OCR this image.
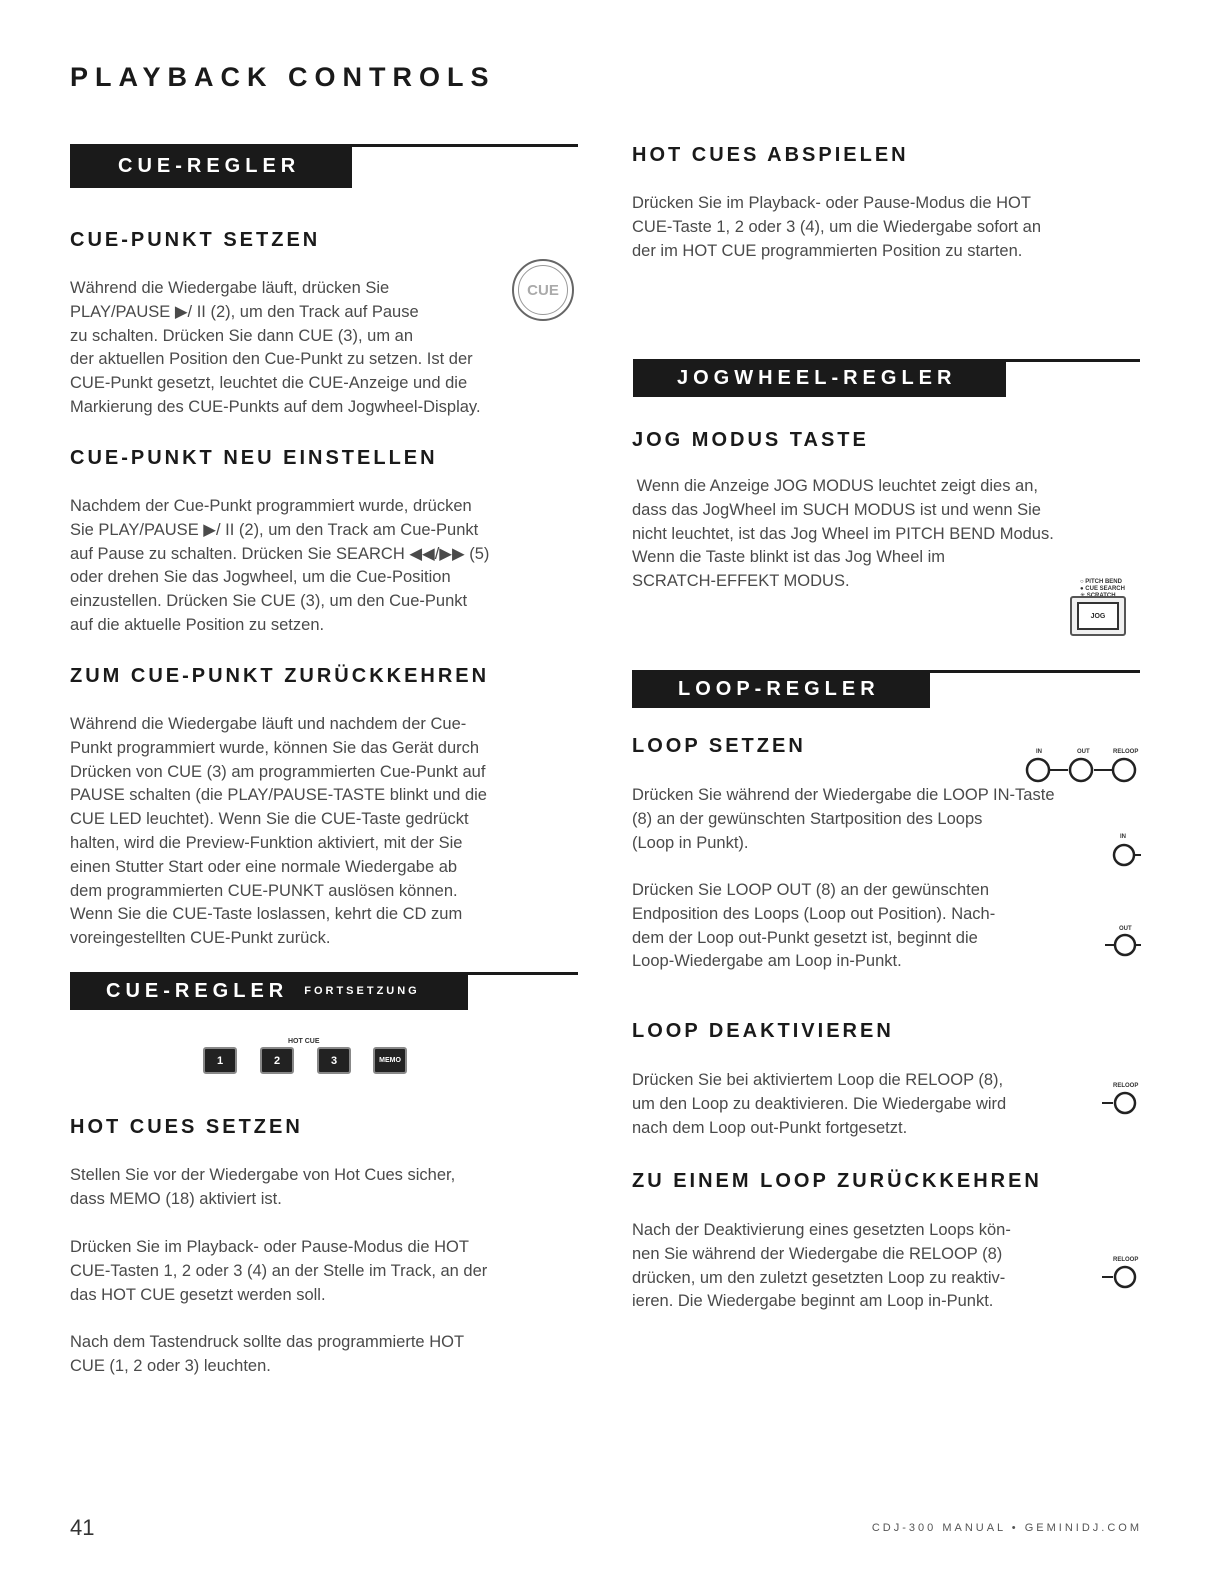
PLAYBACK CONTROLS
CUE-REGLER
CUE-PUNKT SETZEN

Während die Wiedergabe läuft, drücken Sie
PLAY/PAUSE ▶/ II (2), um den Track auf Pause
zu schalten. Drücken Sie dann CUE (3), um an
der aktuellen Position den Cue-Punkt zu setzen. Ist der
CUE-Punkt gesetzt, leuchtet die CUE-Anzeige und die
Markierung des CUE-Punkts auf dem Jogwheel-Display.

CUE
CUE-PUNKT NEU EINSTELLEN

Nachdem der Cue-Punkt programmiert wurde, drücken
Sie PLAY/PAUSE ▶/ II (2), um den Track am Cue-Punkt
auf Pause zu schalten. Drücken Sie SEARCH ◀◀/▶▶ (5)
oder drehen Sie das Jogwheel, um die Cue-Position
einzustellen. Drücken Sie CUE (3), um den Cue-Punkt
auf die aktuelle Position zu setzen.

ZUM CUE-PUNKT ZURÜCKKEHREN

Während die Wiedergabe läuft und nachdem der Cue-
Punkt programmiert wurde, können Sie das Gerät durch
Drücken von CUE (3) am programmierten Cue-Punkt auf
PAUSE schalten (die PLAY/PAUSE-TASTE blinkt und die
CUE LED leuchtet). Wenn Sie die CUE-Taste gedrückt
halten, wird die Preview-Funktion aktiviert, mit der Sie
einen Stutter Start oder eine normale Wiedergabe ab
dem programmierten CUE-PUNKT auslösen können.
Wenn Sie die CUE-Taste loslassen, kehrt die CD zum
voreingestellten CUE-Punkt zurück.

CUE-REGLER FORTSETZUNG
HOT CUE
1	2	3	MEMO
HOT CUES SETZEN

Stellen Sie vor der Wiedergabe von Hot Cues sicher,
dass MEMO (18) aktiviert ist.

Drücken Sie im Playback- oder Pause-Modus die HOT
CUE-Tasten 1, 2 oder 3 (4) an der Stelle im Track, an der
das HOT CUE gesetzt werden soll.

Nach dem Tastendruck sollte das programmierte HOT
CUE (1, 2 oder 3) leuchten.

HOT CUES ABSPIELEN

Drücken Sie im Playback- oder Pause-Modus die HOT
CUE-Taste 1, 2 oder 3 (4), um die Wiedergabe sofort an
der im HOT CUE programmierten Position zu starten.

JOGWHEEL-REGLER
JOG MODUS TASTE

Wenn die Anzeige JOG MODUS leuchtet zeigt dies an,
dass das JogWheel im SUCH MODUS ist und wenn Sie
nicht leuchtet, ist das Jog Wheel im PITCH BEND Modus.
Wenn die Taste blinkt ist das Jog Wheel im
SCRATCH-EFFEKT MODUS.	○ PITCH BEND
● CUE SEARCH
JOG
LOOP-REGLER
LOOP SETZEN	IN	OUT	RELOOP

Drücken Sie während der Wiedergabe die LOOP IN-Taste
(8) an der gewünschten Startposition des Loops
(Loop in Punkt).	IN

Drücken Sie LOOP OUT (8) an der gewünschten
Endposition des Loops (Loop out Position). Nach-
dem der Loop out-Punkt gesetzt ist, beginnt die
Loop-Wiedergabe am Loop in-Punkt.

OUT
LOOP DEAKTIVIEREN

Drücken Sie bei aktiviertem Loop die RELOOP (8),
um den Loop zu deaktivieren. Die Wiedergabe wird
nach dem Loop out-Punkt fortgesetzt.

RELOOP
ZU EINEM LOOP ZURÜCKKEHREN

Nach der Deaktivierung eines gesetzten Loops kön-
nen Sie während der Wiedergabe die RELOOP (8)
drücken, um den zuletzt gesetzten Loop zu reaktiv-
ieren. Die Wiedergabe beginnt am Loop in-Punkt.

RELOOP
41	CDJ-300 MANUAL • GEMINIDJ.COM
